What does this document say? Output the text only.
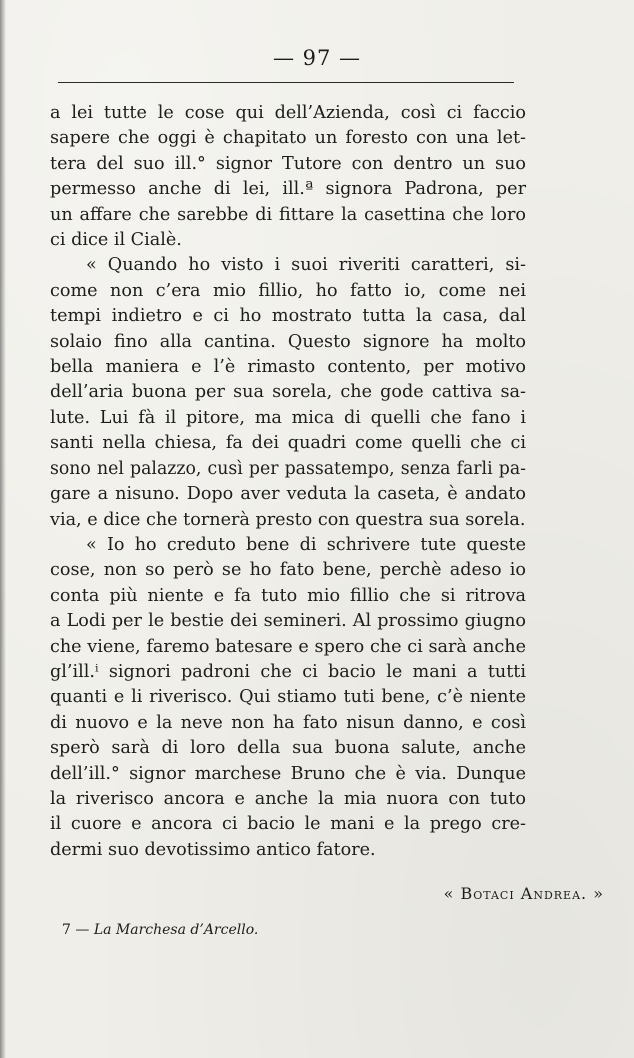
— 97 —
a lei tutte le cose qui dell’Azienda, così ci faccio
sapere che oggi è chapitato un foresto con una let-
tera del suo ill.° signor Tutore con dentro un suo
permesso anche di lei, ill.ª signora Padrona, per
un affare che sarebbe di fittare la casettina che loro
ci dice il Cialè.
« Quando ho visto i suoi riveriti caratteri, si-
come non c’era mio fillio, ho fatto io, come nei
tempi indietro e ci ho mostrato tutta la casa, dal
solaio fino alla cantina. Questo signore ha molto
bella maniera e l’è rimasto contento, per motivo
dell’aria buona per sua sorela, che gode cattiva sa-
lute. Lui fà il pitore, ma mica di quelli che fano i
santi nella chiesa, fa dei quadri come quelli che ci
sono nel palazzo, cusì per passatempo, senza farli pa-
gare a nisuno. Dopo aver veduta la caseta, è andato
via, e dice che tornerà presto con questra sua sorela.
« Io ho creduto bene di schrivere tute queste
cose, non so però se ho fato bene, perchè adeso io
conta più niente e fa tuto mio fillio che si ritrova
a Lodi per le bestie dei semineri. Al prossimo giugno
che viene, faremo batesare e spero che ci sarà anche
gl’ill.ⁱ signori padroni che ci bacio le mani a tutti
quanti e li riverisco. Qui stiamo tuti bene, c’è niente
di nuovo e la neve non ha fato nisun danno, e così
sperò sarà di loro della sua buona salute, anche
dell’ill.° signor marchese Bruno che è via. Dunque
la riverisco ancora e anche la mia nuora con tuto
il cuore e ancora ci bacio le mani e la prego cre-
dermi suo devotissimo antico fatore.
« Botaci Andrea. »
7 — La Marchesa d’Arcello.
